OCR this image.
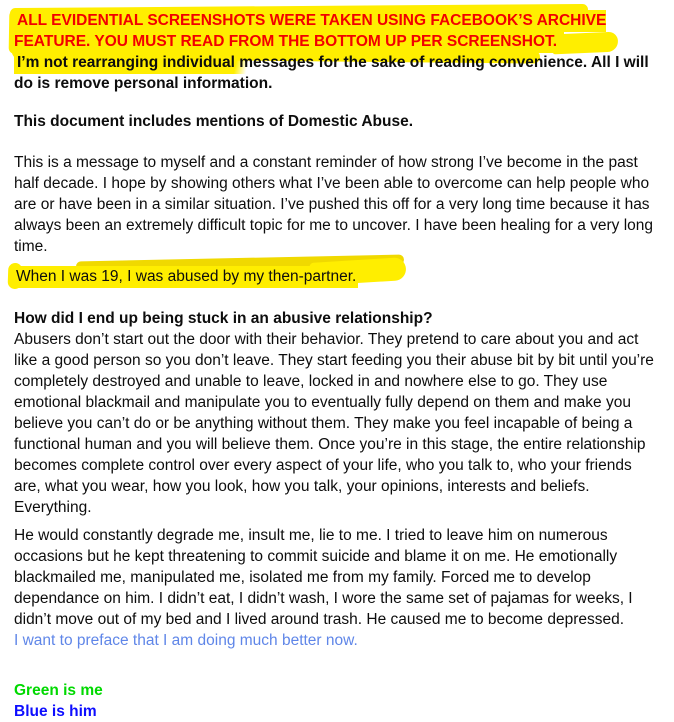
ALL EVIDENTIAL SCREENSHOTS WERE TAKEN USING FACEBOOK’S ARCHIVE FEATURE. YOU MUST READ FROM THE BOTTOM UP PER SCREENSHOT.

I’m not rearranging individual messages for the sake of reading convenience. All I will do is remove personal information.

This document includes mentions of Domestic Abuse.

This is a message to myself and a constant reminder of how strong I’ve become in the past half decade. I hope by showing others what I’ve been able to overcome can help people who are or have been in a similar situation. I’ve pushed this off for a very long time because it has always been an extremely difficult topic for me to uncover. I have been healing for a very long time.

When I was 19, I was abused by my then-partner.

How did I end up being stuck in an abusive relationship?

Abusers don’t start out the door with their behavior. They pretend to care about you and act like a good person so you don’t leave. They start feeding you their abuse bit by bit until you’re completely destroyed and unable to leave, locked in and nowhere else to go. They use emotional blackmail and manipulate you to eventually fully depend on them and make you believe you can’t do or be anything without them. They make you feel incapable of being a functional human and you will believe them. Once you’re in this stage, the entire relationship becomes complete control over every aspect of your life, who you talk to, who your friends are, what you wear, how you look, how you talk, your opinions, interests and beliefs. Everything.

He would constantly degrade me, insult me, lie to me. I tried to leave him on numerous occasions but he kept threatening to commit suicide and blame it on me. He emotionally blackmailed me, manipulated me, isolated me from my family. Forced me to develop dependance on him. I didn’t eat, I didn’t wash, I wore the same set of pajamas for weeks, I didn’t move out of my bed and I lived around trash. He caused me to become depressed.
I want to preface that I am doing much better now.

Green is me
Blue is him
